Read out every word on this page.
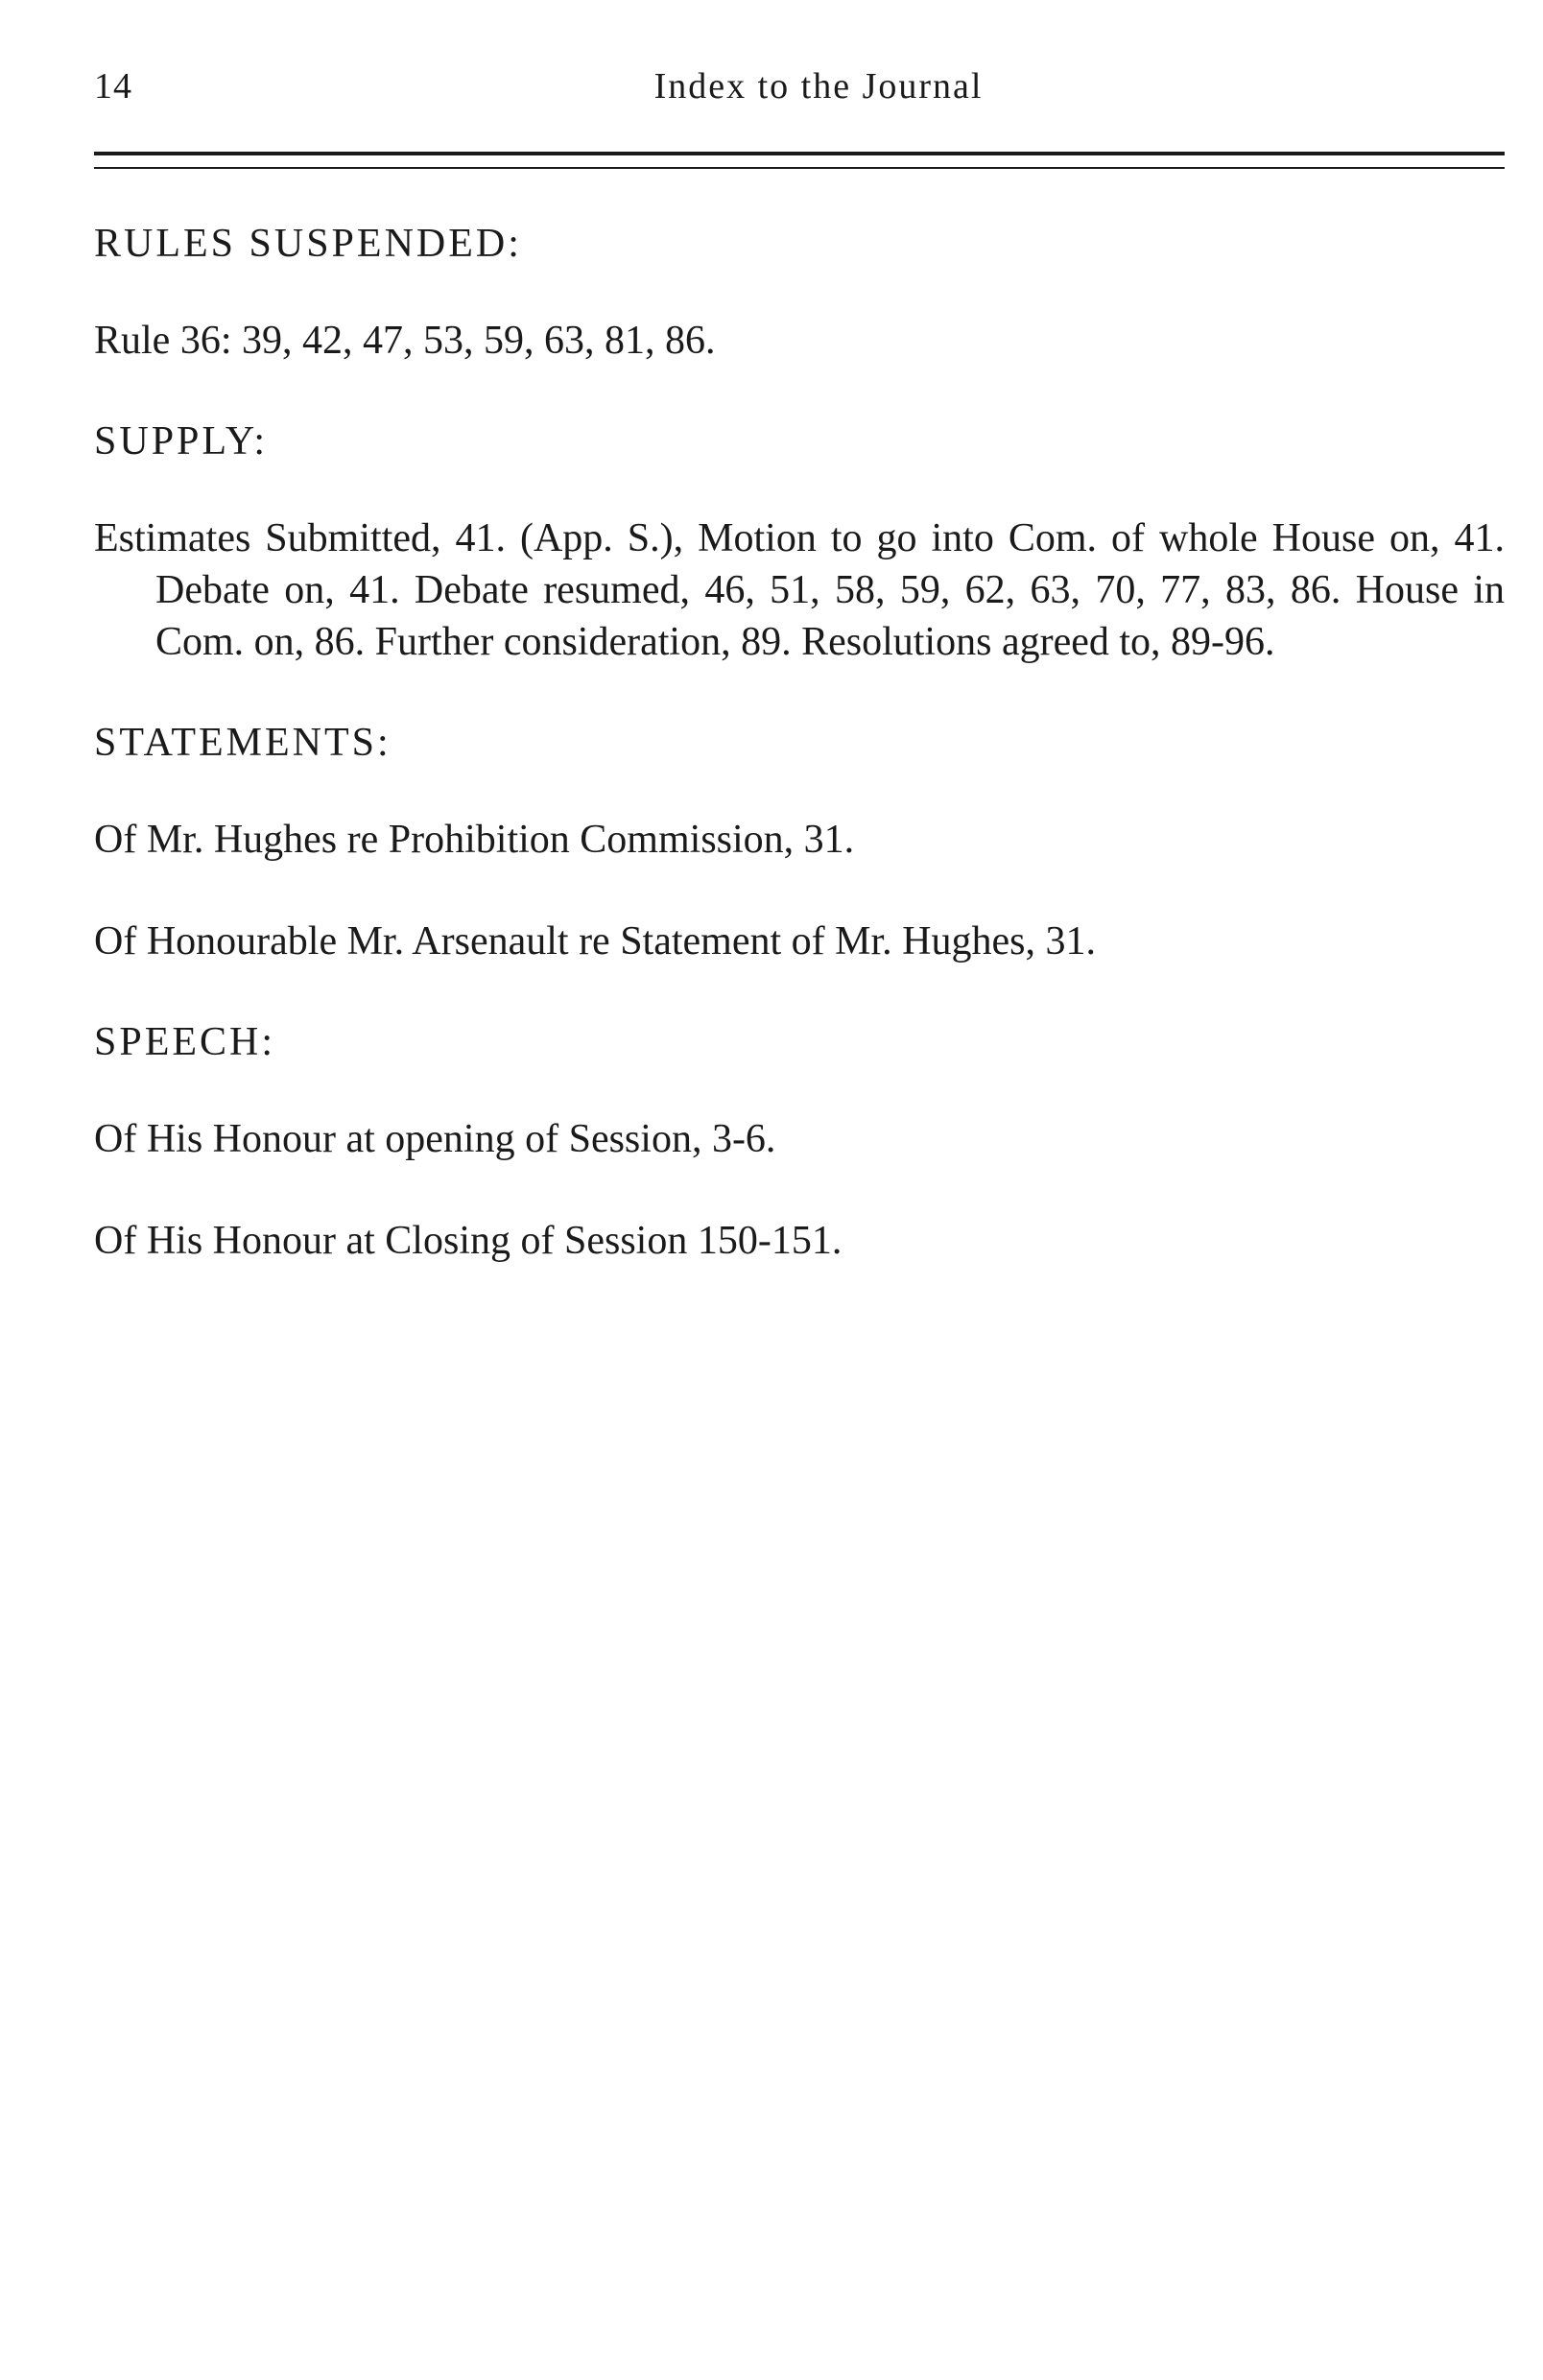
14	Index to the Journal
RULES SUSPENDED:
Rule 36: 39, 42, 47, 53, 59, 63, 81, 86.
SUPPLY:
Estimates Submitted, 41. (App. S.), Motion to go into Com. of whole House on, 41. Debate on, 41. Debate resumed, 46, 51, 58, 59, 62, 63, 70, 77, 83, 86. House in Com. on, 86. Further consideration, 89. Resolutions agreed to, 89-96.
STATEMENTS:
Of Mr. Hughes re Prohibition Commission, 31.
Of Honourable Mr. Arsenault re Statement of Mr. Hughes, 31.
SPEECH:
Of His Honour at opening of Session, 3-6.
Of His Honour at Closing of Session 150-151.
